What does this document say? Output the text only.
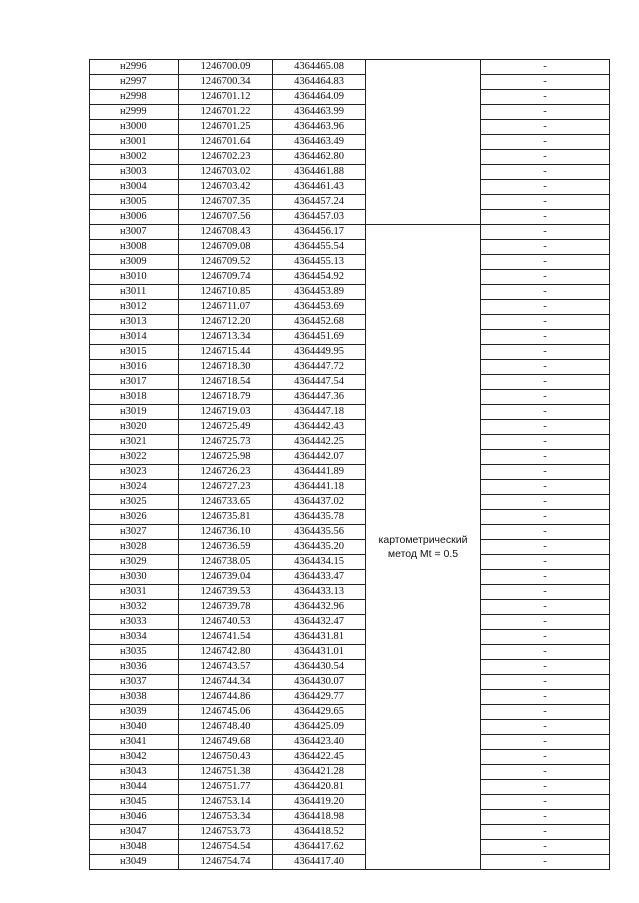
н2996	1246700.09	4364465.08		-
н2997	1246700.34	4364464.83		-
н2998	1246701.12	4364464.09		-
н2999	1246701.22	4364463.99		-
н3000	1246701.25	4364463.96		-
н3001	1246701.64	4364463.49		-
н3002	1246702.23	4364462.80		-
н3003	1246703.02	4364461.88		-
н3004	1246703.42	4364461.43		-
н3005	1246707.35	4364457.24		-
н3006	1246707.56	4364457.03		-
н3007	1246708.43	4364456.17	картометрический метод Mt = 0.5	-
н3008	1246709.08	4364455.54		-
н3009	1246709.52	4364455.13		-
н3010	1246709.74	4364454.92		-
н3011	1246710.85	4364453.89		-
н3012	1246711.07	4364453.69		-
н3013	1246712.20	4364452.68		-
н3014	1246713.34	4364451.69		-
н3015	1246715.44	4364449.95		-
н3016	1246718.30	4364447.72		-
н3017	1246718.54	4364447.54		-
н3018	1246718.79	4364447.36		-
н3019	1246719.03	4364447.18		-
н3020	1246725.49	4364442.43		-
н3021	1246725.73	4364442.25		-
н3022	1246725.98	4364442.07		-
н3023	1246726.23	4364441.89		-
н3024	1246727.23	4364441.18		-
н3025	1246733.65	4364437.02		-
н3026	1246735.81	4364435.78		-
н3027	1246736.10	4364435.56		-
н3028	1246736.59	4364435.20		-
н3029	1246738.05	4364434.15		-
н3030	1246739.04	4364433.47		-
н3031	1246739.53	4364433.13		-
н3032	1246739.78	4364432.96		-
н3033	1246740.53	4364432.47		-
н3034	1246741.54	4364431.81		-
н3035	1246742.80	4364431.01		-
н3036	1246743.57	4364430.54		-
н3037	1246744.34	4364430.07		-
н3038	1246744.86	4364429.77		-
н3039	1246745.06	4364429.65		-
н3040	1246748.40	4364425.09		-
н3041	1246749.68	4364423.40		-
н3042	1246750.43	4364422.45		-
н3043	1246751.38	4364421.28		-
н3044	1246751.77	4364420.81		-
н3045	1246753.14	4364419.20		-
н3046	1246753.34	4364418.98		-
н3047	1246753.73	4364418.52		-
н3048	1246754.54	4364417.62		-
н3049	1246754.74	4364417.40		-
